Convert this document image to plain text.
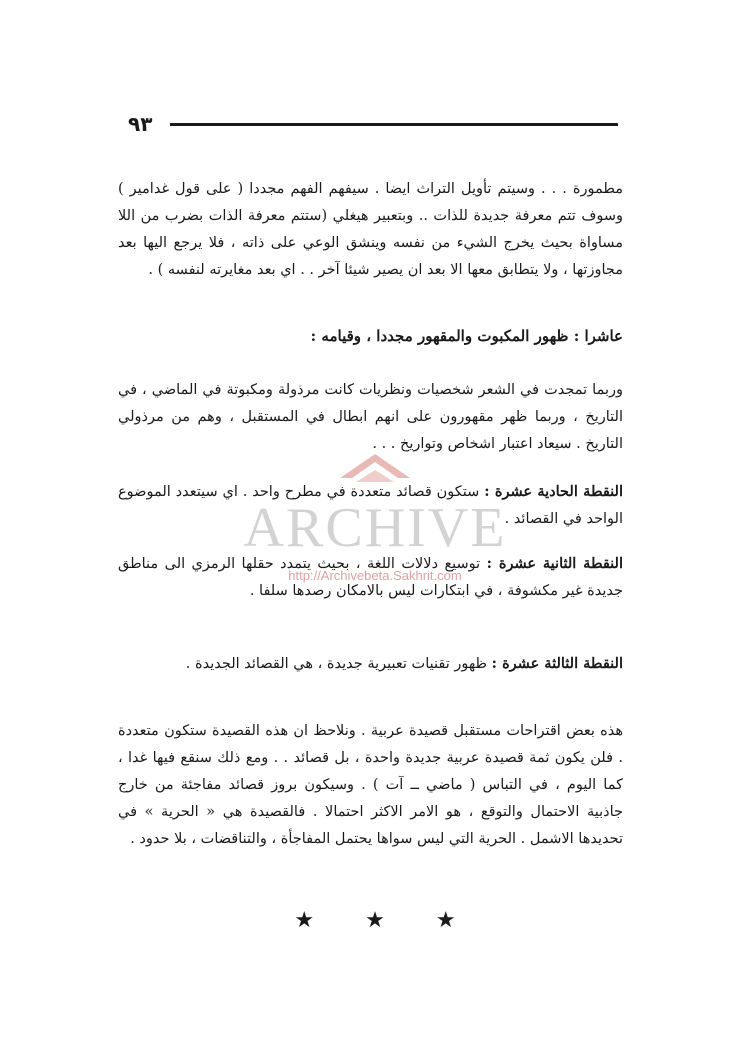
٩٣
مطمورة . . . وسيتم تأويل التراث ايضا . سيفهم الفهم مجددا ( على قول غدامير ) وسوف تتم معرفة جديدة للذات .. وبتعبير هيغلي (ستتم معرفة الذات بضرب من اللا مساواة بحيث يخرج الشيء من نفسه وينشق الوعي على ذاته ، فلا يرجع اليها بعد مجاوزتها ، ولا يتطابق معها الا بعد ان يصير شيئا آخر . . اي بعد مغايرته لنفسه ) .
عاشرا : ظهور المكبوت والمقهور مجددا ، وقيامه :
وربما تمجدت في الشعر شخصيات ونظريات كانت مرذولة ومكبوتة في الماضي ، في التاريخ ، وربما ظهر مقهورون على انهم ابطال في المستقبل ، وهم من مرذولي التاريخ . سيعاد اعتبار اشخاص وتواريخ . . .
النقطة الحادية عشرة : ستكون قصائد متعددة في مطرح واحد . اي سيتعدد الموضوع الواحد في القصائد .
النقطة الثانية عشرة : توسيع دلالات اللغة ، بحيث يتمدد حقلها الرمزي الى مناطق جديدة غير مكشوفة ، في ابتكارات ليس بالامكان رصدها سلفا .
النقطة الثالثة عشرة : ظهور تقنيات تعبيرية جديدة ، هي القصائد الجديدة .
هذه بعض اقتراحات مستقبل قصيدة عربية . ونلاحظ ان هذه القصيدة ستكون متعددة . فلن يكون ثمة قصيدة عربية جديدة واحدة ، بل قصائد . . ومع ذلك سنقع فيها غدا ، كما اليوم ، في التباس ( ماضي ــ آت ) . وسيكون بروز قصائد مفاجئة من خارج جاذبية الاحتمال والتوقع ، هو الامر الاكثر احتمالا . فالقصيدة هي « الحرية » في تحديدها الاشمل . الحرية التي ليس سواها يحتمل المفاجأة ، والتناقضات ، بلا حدود .
★ ★ ★
ARCHIVE
http://Archivebeta.Sakhrit.com
